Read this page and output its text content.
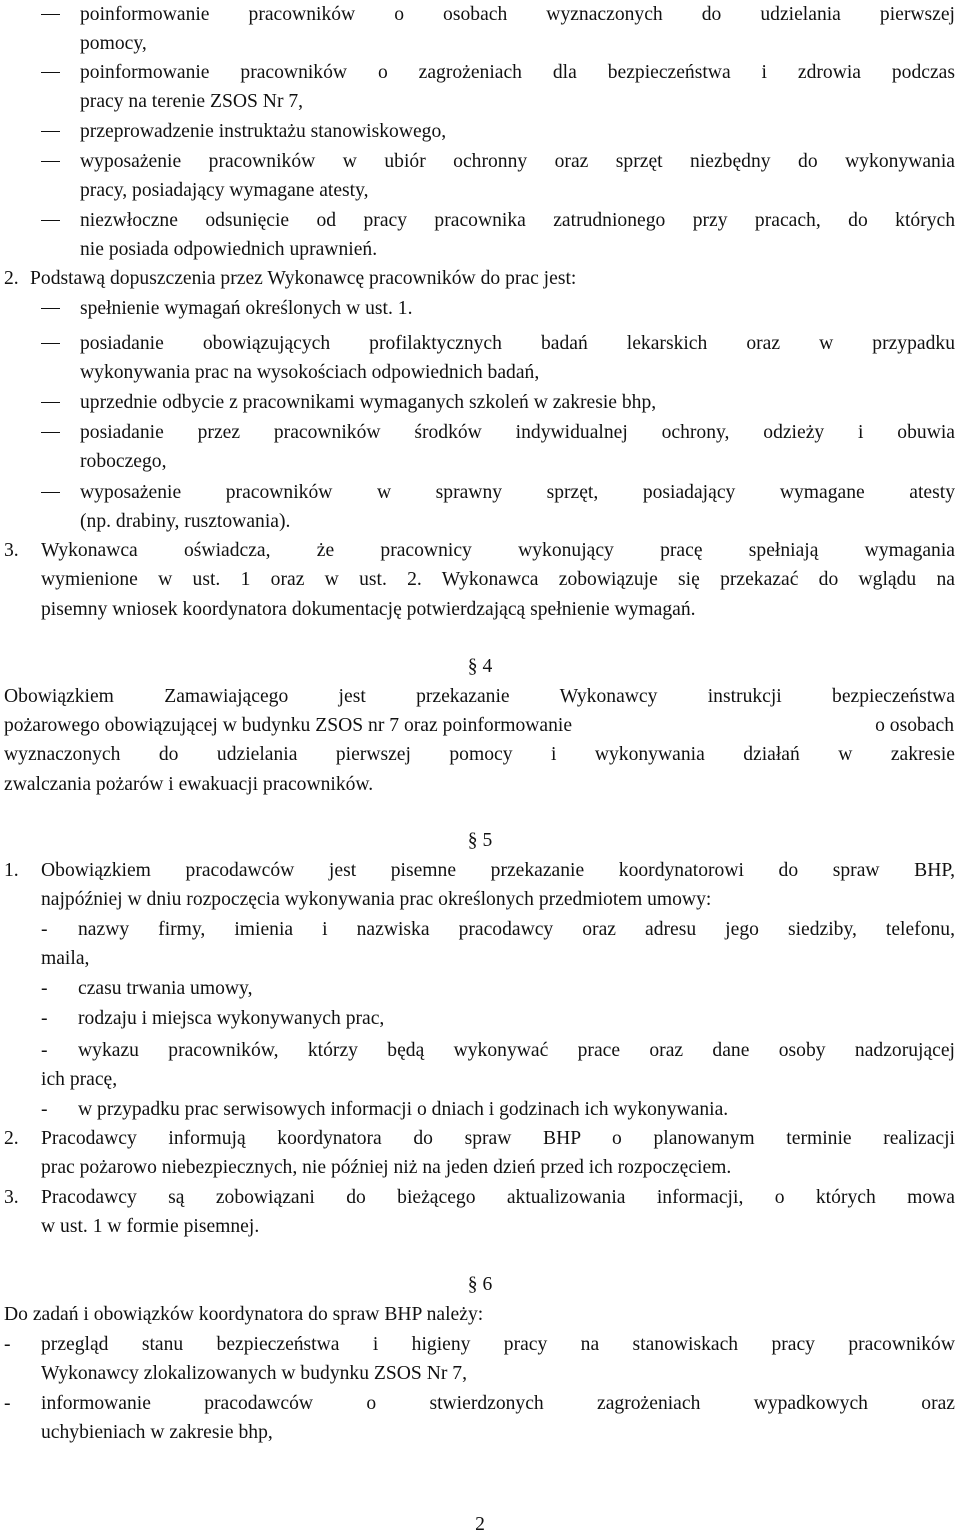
poinformowanie pracowników o osobach wyznaczonych do udzielania pierwszej
pomocy,
poinformowanie pracowników o zagrożeniach dla bezpieczeństwa i zdrowia podczas
pracy na terenie ZSOS Nr 7,
przeprowadzenie instruktażu stanowiskowego,
wyposażenie pracowników w ubiór ochronny oraz sprzęt niezbędny do wykonywania
pracy, posiadający wymagane atesty,
niezwłoczne odsunięcie od pracy pracownika zatrudnionego przy pracach, do których
nie posiada odpowiednich uprawnień.
2. Podstawą dopuszczenia przez Wykonawcę pracowników do prac jest:
spełnienie wymagań określonych w ust. 1.
posiadanie obowiązujących profilaktycznych badań lekarskich oraz w przypadku
wykonywania prac na wysokościach odpowiednich badań,
uprzednie odbycie z pracownikami wymaganych szkoleń w zakresie bhp,
posiadanie przez pracowników środków indywidualnej ochrony, odzieży i obuwia
roboczego,
wyposażenie pracowników w sprawny sprzęt, posiadający wymagane atesty
(np. drabiny, rusztowania).
3. Wykonawca oświadcza, że pracownicy wykonujący pracę spełniają wymagania
wymienione w ust. 1 oraz w ust. 2. Wykonawca zobowiązuje się przekazać do wglądu na
pisemny wniosek koordynatora dokumentację potwierdzającą spełnienie wymagań.
§ 4
Obowiązkiem Zamawiającego jest przekazanie Wykonawcy instrukcji bezpieczeństwa
pożarowego obowiązującej w budynku ZSOS nr 7 oraz poinformowanie	o osobach
wyznaczonych do udzielania pierwszej pomocy i wykonywania działań w zakresie
zwalczania pożarów i ewakuacji pracowników.
§ 5
1. Obowiązkiem pracodawców jest pisemne przekazanie koordynatorowi do spraw BHP,
najpóźniej w dniu rozpoczęcia wykonywania prac określonych przedmiotem umowy:
- nazwy firmy, imienia i nazwiska pracodawcy oraz adresu jego siedziby, telefonu,
maila,
- czasu trwania umowy,
- rodzaju i miejsca wykonywanych prac,
- wykazu pracowników, którzy będą wykonywać prace oraz dane osoby nadzorującej
ich pracę,
- w przypadku prac serwisowych informacji o dniach i godzinach ich wykonywania.
2. Pracodawcy informują koordynatora do spraw BHP o planowanym terminie realizacji
prac pożarowo niebezpiecznych, nie później niż na jeden dzień przed ich rozpoczęciem.
3. Pracodawcy są zobowiązani do bieżącego aktualizowania informacji, o których mowa
w ust. 1 w formie pisemnej.
§ 6
Do zadań i obowiązków koordynatora do spraw BHP należy:
- przegląd stanu bezpieczeństwa i higieny pracy na stanowiskach pracy pracowników
Wykonawcy zlokalizowanych w budynku ZSOS Nr 7,
- informowanie pracodawców o stwierdzonych zagrożeniach wypadkowych oraz
uchybieniach w zakresie bhp,
2
